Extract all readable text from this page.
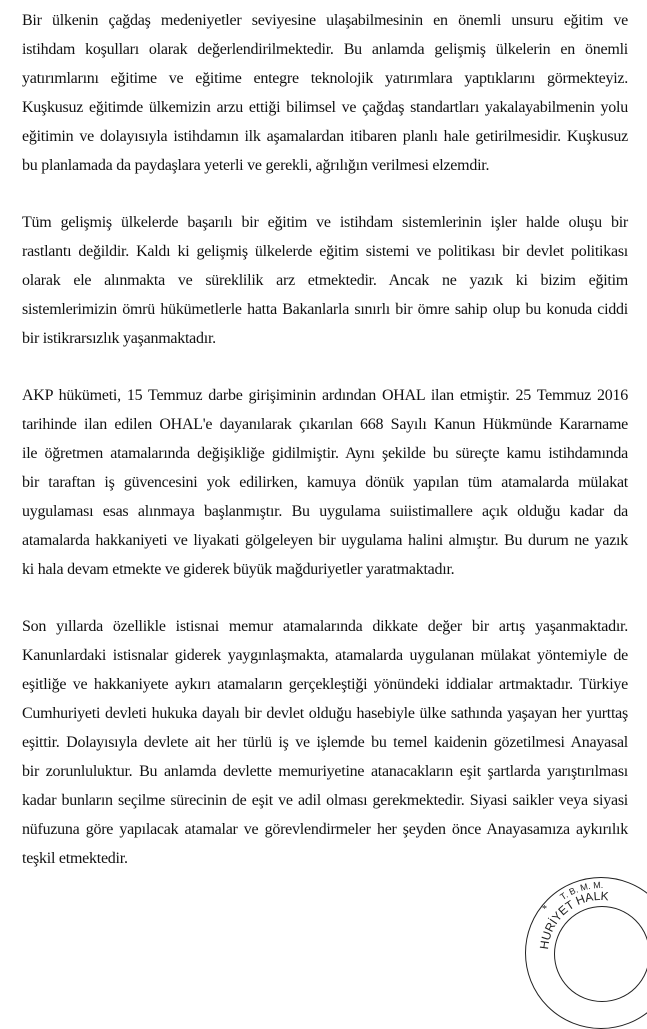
Bir ülkenin çağdaş medeniyetler seviyesine ulaşabilmesinin en önemli unsuru eğitim ve
istihdam koşulları olarak değerlendirilmektedir. Bu anlamda gelişmiş ülkelerin en önemli
yatırımlarını eğitime ve eğitime entegre teknolojik yatırımlara yaptıklarını görmekteyiz.
Kuşkusuz eğitimde ülkemizin arzu ettiği bilimsel ve çağdaş standartları yakalayabilmenin yolu
eğitimin ve dolayısıyla istihdamın ilk aşamalardan itibaren planlı hale getirilmesidir. Kuşkusuz
bu planlamada da paydaşlara yeterli ve gerekli, ağrılığın verilmesi elzemdir.
Tüm gelişmiş ülkelerde başarılı bir eğitim ve istihdam sistemlerinin işler halde oluşu bir
rastlantı değildir. Kaldı ki gelişmiş ülkelerde eğitim sistemi ve politikası bir devlet politikası
olarak ele alınmakta ve süreklilik arz etmektedir. Ancak ne yazık ki bizim eğitim
sistemlerimizin ömrü hükümetlerle hatta Bakanlarla sınırlı bir ömre sahip olup bu konuda ciddi
bir istikrarsızlık yaşanmaktadır.
AKP hükümeti, 15 Temmuz darbe girişiminin ardından OHAL ilan etmiştir. 25 Temmuz 2016
tarihinde ilan edilen OHAL'e dayanılarak çıkarılan 668 Sayılı Kanun Hükmünde Kararname
ile öğretmen atamalarında değişikliğe gidilmiştir. Aynı şekilde bu süreçte kamu istihdamında
bir taraftan iş güvencesini yok edilirken, kamuya dönük yapılan tüm atamalarda mülakat
uygulaması esas alınmaya başlanmıştır. Bu uygulama suiistimallere açık olduğu kadar da
atamalarda hakkaniyeti ve liyakati gölgeleyen bir uygulama halini almıştır. Bu durum ne yazık
ki hala devam etmekte ve giderek büyük mağduriyetler yaratmaktadır.
Son yıllarda özellikle istisnai memur atamalarında dikkate değer bir artış yaşanmaktadır.
Kanunlardaki istisnalar giderek yaygınlaşmakta, atamalarda uygulanan mülakat yöntemiyle de
eşitliğe ve hakkaniyete aykırı atamaların gerçekleştiği yönündeki iddialar artmaktadır. Türkiye
Cumhuriyeti devleti hukuka dayalı bir devlet olduğu hasebiyle ülke sathında yaşayan her yurttaş
eşittir. Dolayısıyla devlete ait her türlü iş ve işlemde bu temel kaidenin gözetilmesi Anayasal
bir zorunluluktur. Bu anlamda devlette memuriyetine atanacakların eşit şartlarda yarıştırılması
kadar bunların seçilme sürecinin de eşit ve adil olması gerekmektedir. Siyasi saikler veya siyasi
nüfuzuna göre yapılacak atamalar ve görevlendirmeler her şeyden önce Anayasamıza aykırılık
teşkil etmektedir.
HURİYET HALK
T. B. M. M.
*
